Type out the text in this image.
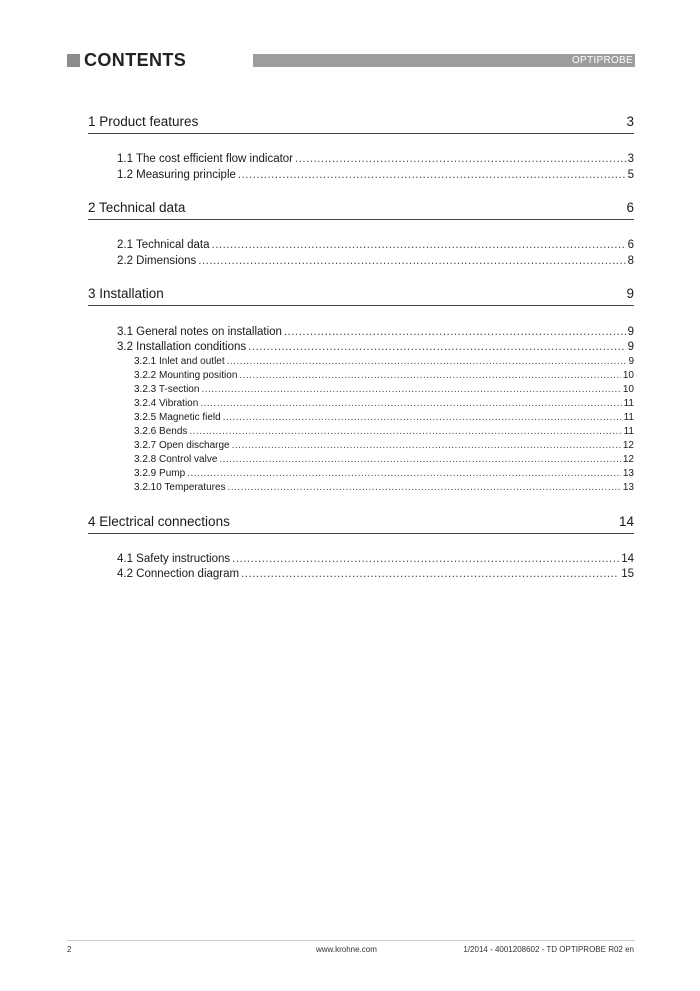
CONTENTS	OPTIPROBE
1 Product features	3
1.1 The cost efficient flow indicator .....	3
1.2 Measuring principle .....	5
2 Technical data	6
2.1 Technical data .....	6
2.2 Dimensions .....	8
3 Installation	9
3.1 General notes on installation .....	9
3.2 Installation conditions .....	9
3.2.1 Inlet and outlet .....	9
3.2.2 Mounting position .....	10
3.2.3 T-section .....	10
3.2.4 Vibration .....	11
3.2.5 Magnetic field .....	11
3.2.6 Bends .....	11
3.2.7 Open discharge .....	12
3.2.8 Control valve .....	12
3.2.9 Pump .....	13
3.2.10 Temperatures .....	13
4 Electrical connections	14
4.1 Safety instructions .....	14
4.2 Connection diagram .....	15
2	www.krohne.com	1/2014 - 4001208602 - TD OPTIPROBE R02 en
